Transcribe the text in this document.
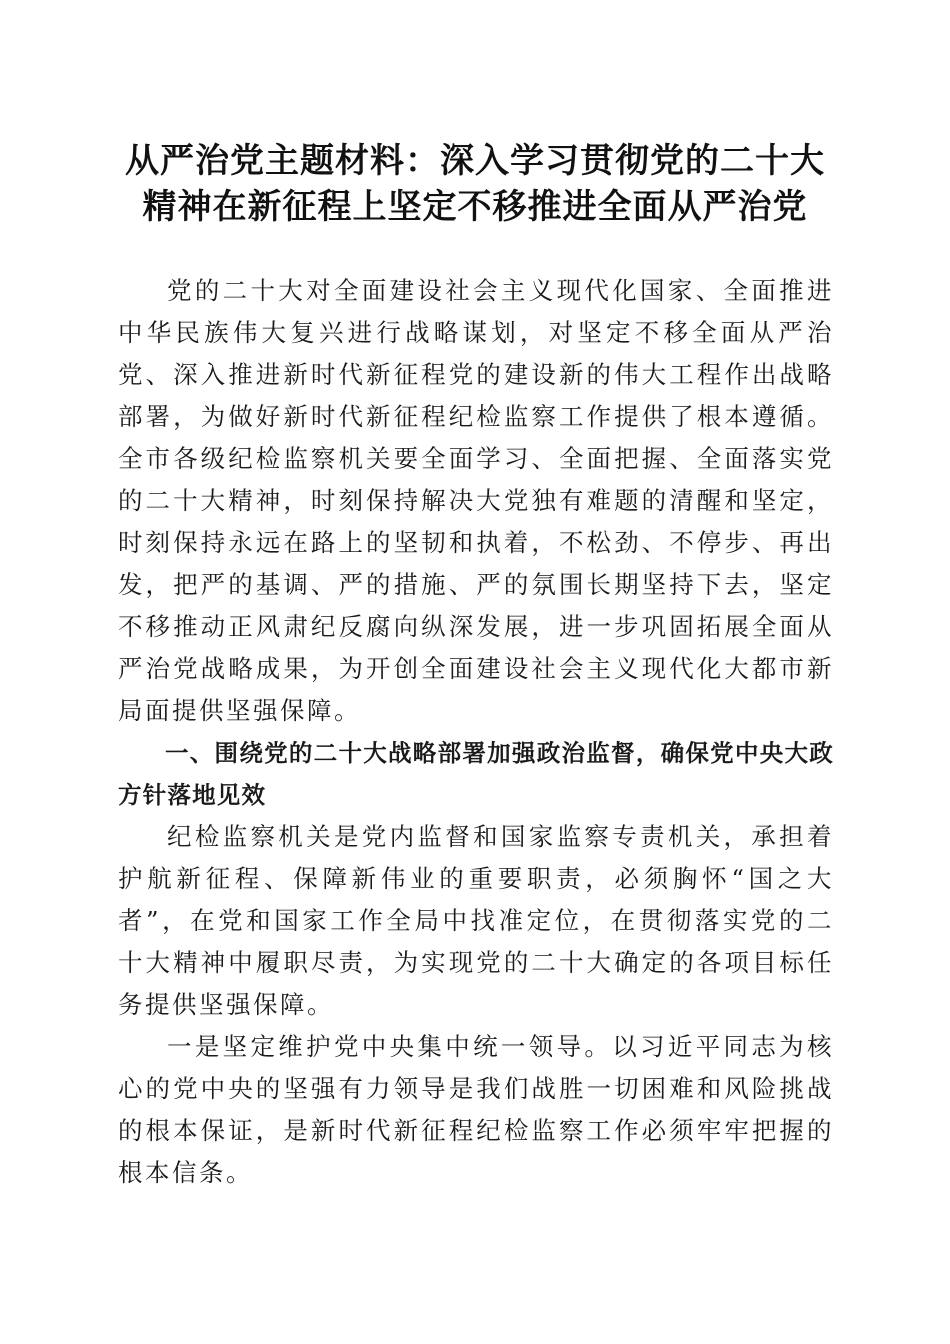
从严治党主题材料：深入学习贯彻党的二十大
精神在新征程上坚定不移推进全面从严治党

党的二十大对全面建设社会主义现代化国家、全面推进中华民族伟大复兴进行战略谋划，对坚定不移全面从严治党、深入推进新时代新征程党的建设新的伟大工程作出战略部署，为做好新时代新征程纪检监察工作提供了根本遵循。全市各级纪检监察机关要全面学习、全面把握、全面落实党的二十大精神，时刻保持解决大党独有难题的清醒和坚定，时刻保持永远在路上的坚韧和执着，不松劲、不停步、再出发，把严的基调、严的措施、严的氛围长期坚持下去，坚定不移推动正风肃纪反腐向纵深发展，进一步巩固拓展全面从严治党战略成果，为开创全面建设社会主义现代化大都市新局面提供坚强保障。

一、围绕党的二十大战略部署加强政治监督，确保党中央大政方针落地见效

纪检监察机关是党内监督和国家监察专责机关，承担着护航新征程、保障新伟业的重要职责，必须胸怀“国之大者”，在党和国家工作全局中找准定位，在贯彻落实党的二十大精神中履职尽责，为实现党的二十大确定的各项目标任务提供坚强保障。

一是坚定维护党中央集中统一领导。以习近平同志为核心的党中央的坚强有力领导是我们战胜一切困难和风险挑战的根本保证，是新时代新征程纪检监察工作必须牢牢把握的根本信条。
